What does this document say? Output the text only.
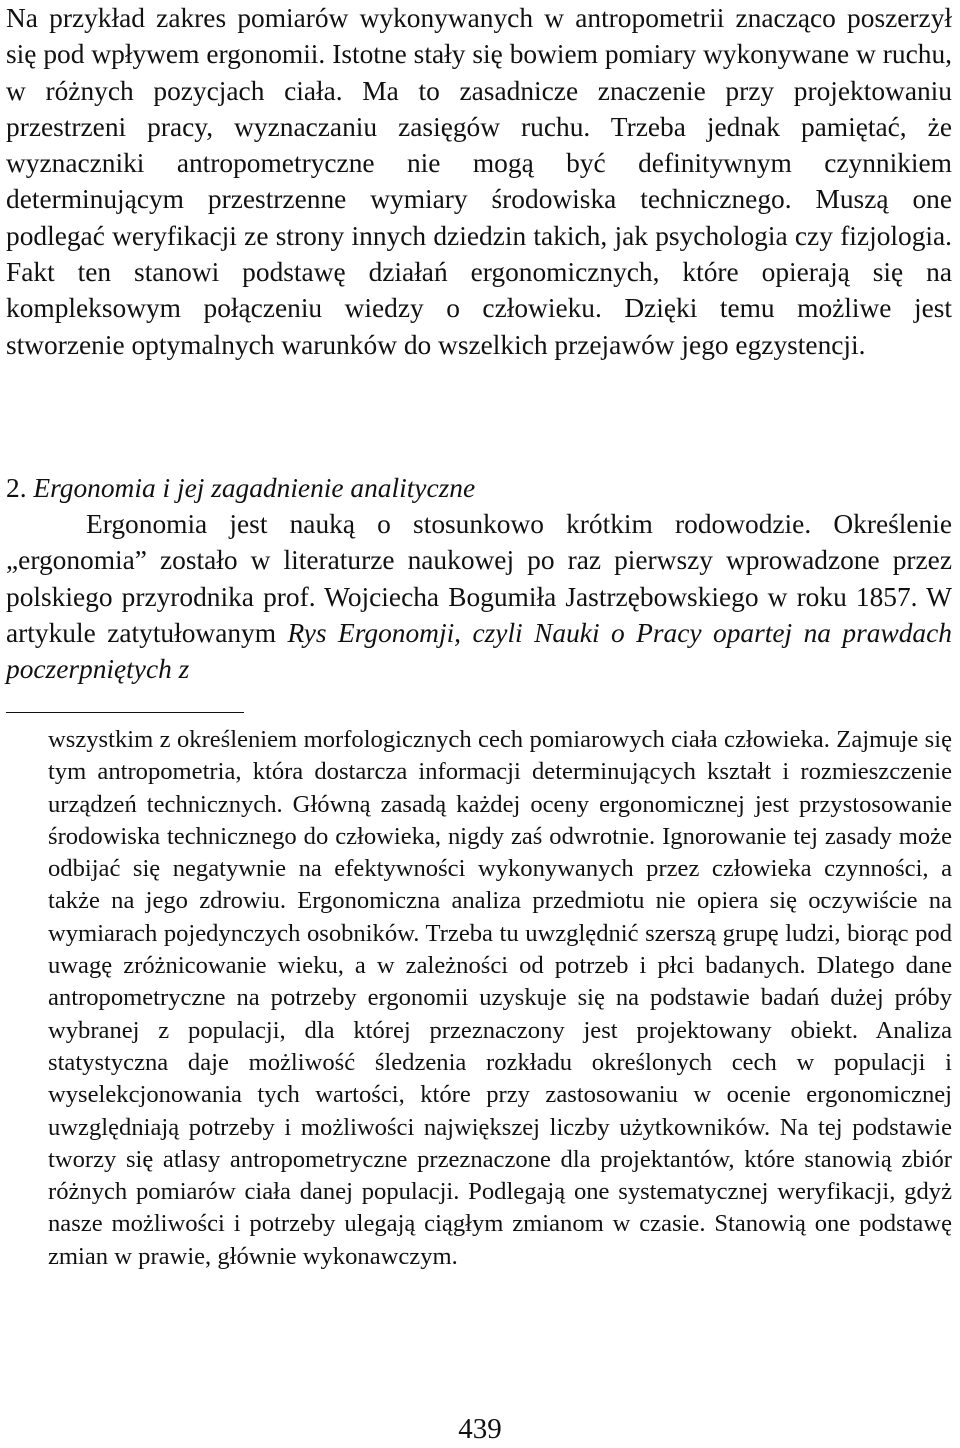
Na przykład zakres pomiarów wykonywanych w antropometrii znacząco poszerzył się pod wpływem ergonomii. Istotne stały się bowiem pomiary wykonywane w ruchu, w różnych pozycjach ciała. Ma to zasadnicze znaczenie przy projektowaniu przestrzeni pracy, wyznaczaniu zasięgów ruchu. Trzeba jednak pamiętać, że wyznaczniki antropometryczne nie mogą być definitywnym czynnikiem determinującym przestrzenne wymiary środowiska technicznego. Muszą one podlegać weryfikacji ze strony innych dziedzin takich, jak psychologia czy fizjologia. Fakt ten stanowi podstawę działań ergonomicznych, które opierają się na kompleksowym połączeniu wiedzy o człowieku. Dzięki temu możliwe jest stworzenie optymalnych warunków do wszelkich przejawów jego egzystencji.

2. Ergonomia i jej zagadnienie analityczne

Ergonomia jest nauką o stosunkowo krótkim rodowodzie. Określenie „ergonomia” zostało w literaturze naukowej po raz pierwszy wprowadzone przez polskiego przyrodnika prof. Wojciecha Bogumiła Jastrzębowskiego w roku 1857. W artykule zatytułowanym Rys Ergonomji, czyli Nauki o Pracy opartej na prawdach poczerpniętych z

wszystkim z określeniem morfologicznych cech pomiarowych ciała człowieka. Zajmuje się tym antropometria, która dostarcza informacji determinujących kształt i rozmieszczenie urządzeń technicznych. Główną zasadą każdej oceny ergonomicznej jest przystosowanie środowiska technicznego do człowieka, nigdy zaś odwrotnie. Ignorowanie tej zasady może odbijać się negatywnie na efektywności wykonywanych przez człowieka czynności, a także na jego zdrowiu. Ergonomiczna analiza przedmiotu nie opiera się oczywiście na wymiarach pojedynczych osobników. Trzeba tu uwzględnić szerszą grupę ludzi, biorąc pod uwagę zróżnicowanie wieku, a w zależności od potrzeb i płci badanych. Dlatego dane antropometryczne na potrzeby ergonomii uzyskuje się na podstawie badań dużej próby wybranej z populacji, dla której przeznaczony jest projektowany obiekt. Analiza statystyczna daje możliwość śledzenia rozkładu określonych cech w populacji i wyselekcjonowania tych wartości, które przy zastosowaniu w ocenie ergonomicznej uwzględniają potrzeby i możliwości największej liczby użytkowników. Na tej podstawie tworzy się atlasy antropometryczne przeznaczone dla projektantów, które stanowią zbiór różnych pomiarów ciała danej populacji. Podlegają one systematycznej weryfikacji, gdyż nasze możliwości i potrzeby ulegają ciągłym zmianom w czasie. Stanowią one podstawę zmian w prawie, głównie wykonawczym.

439
